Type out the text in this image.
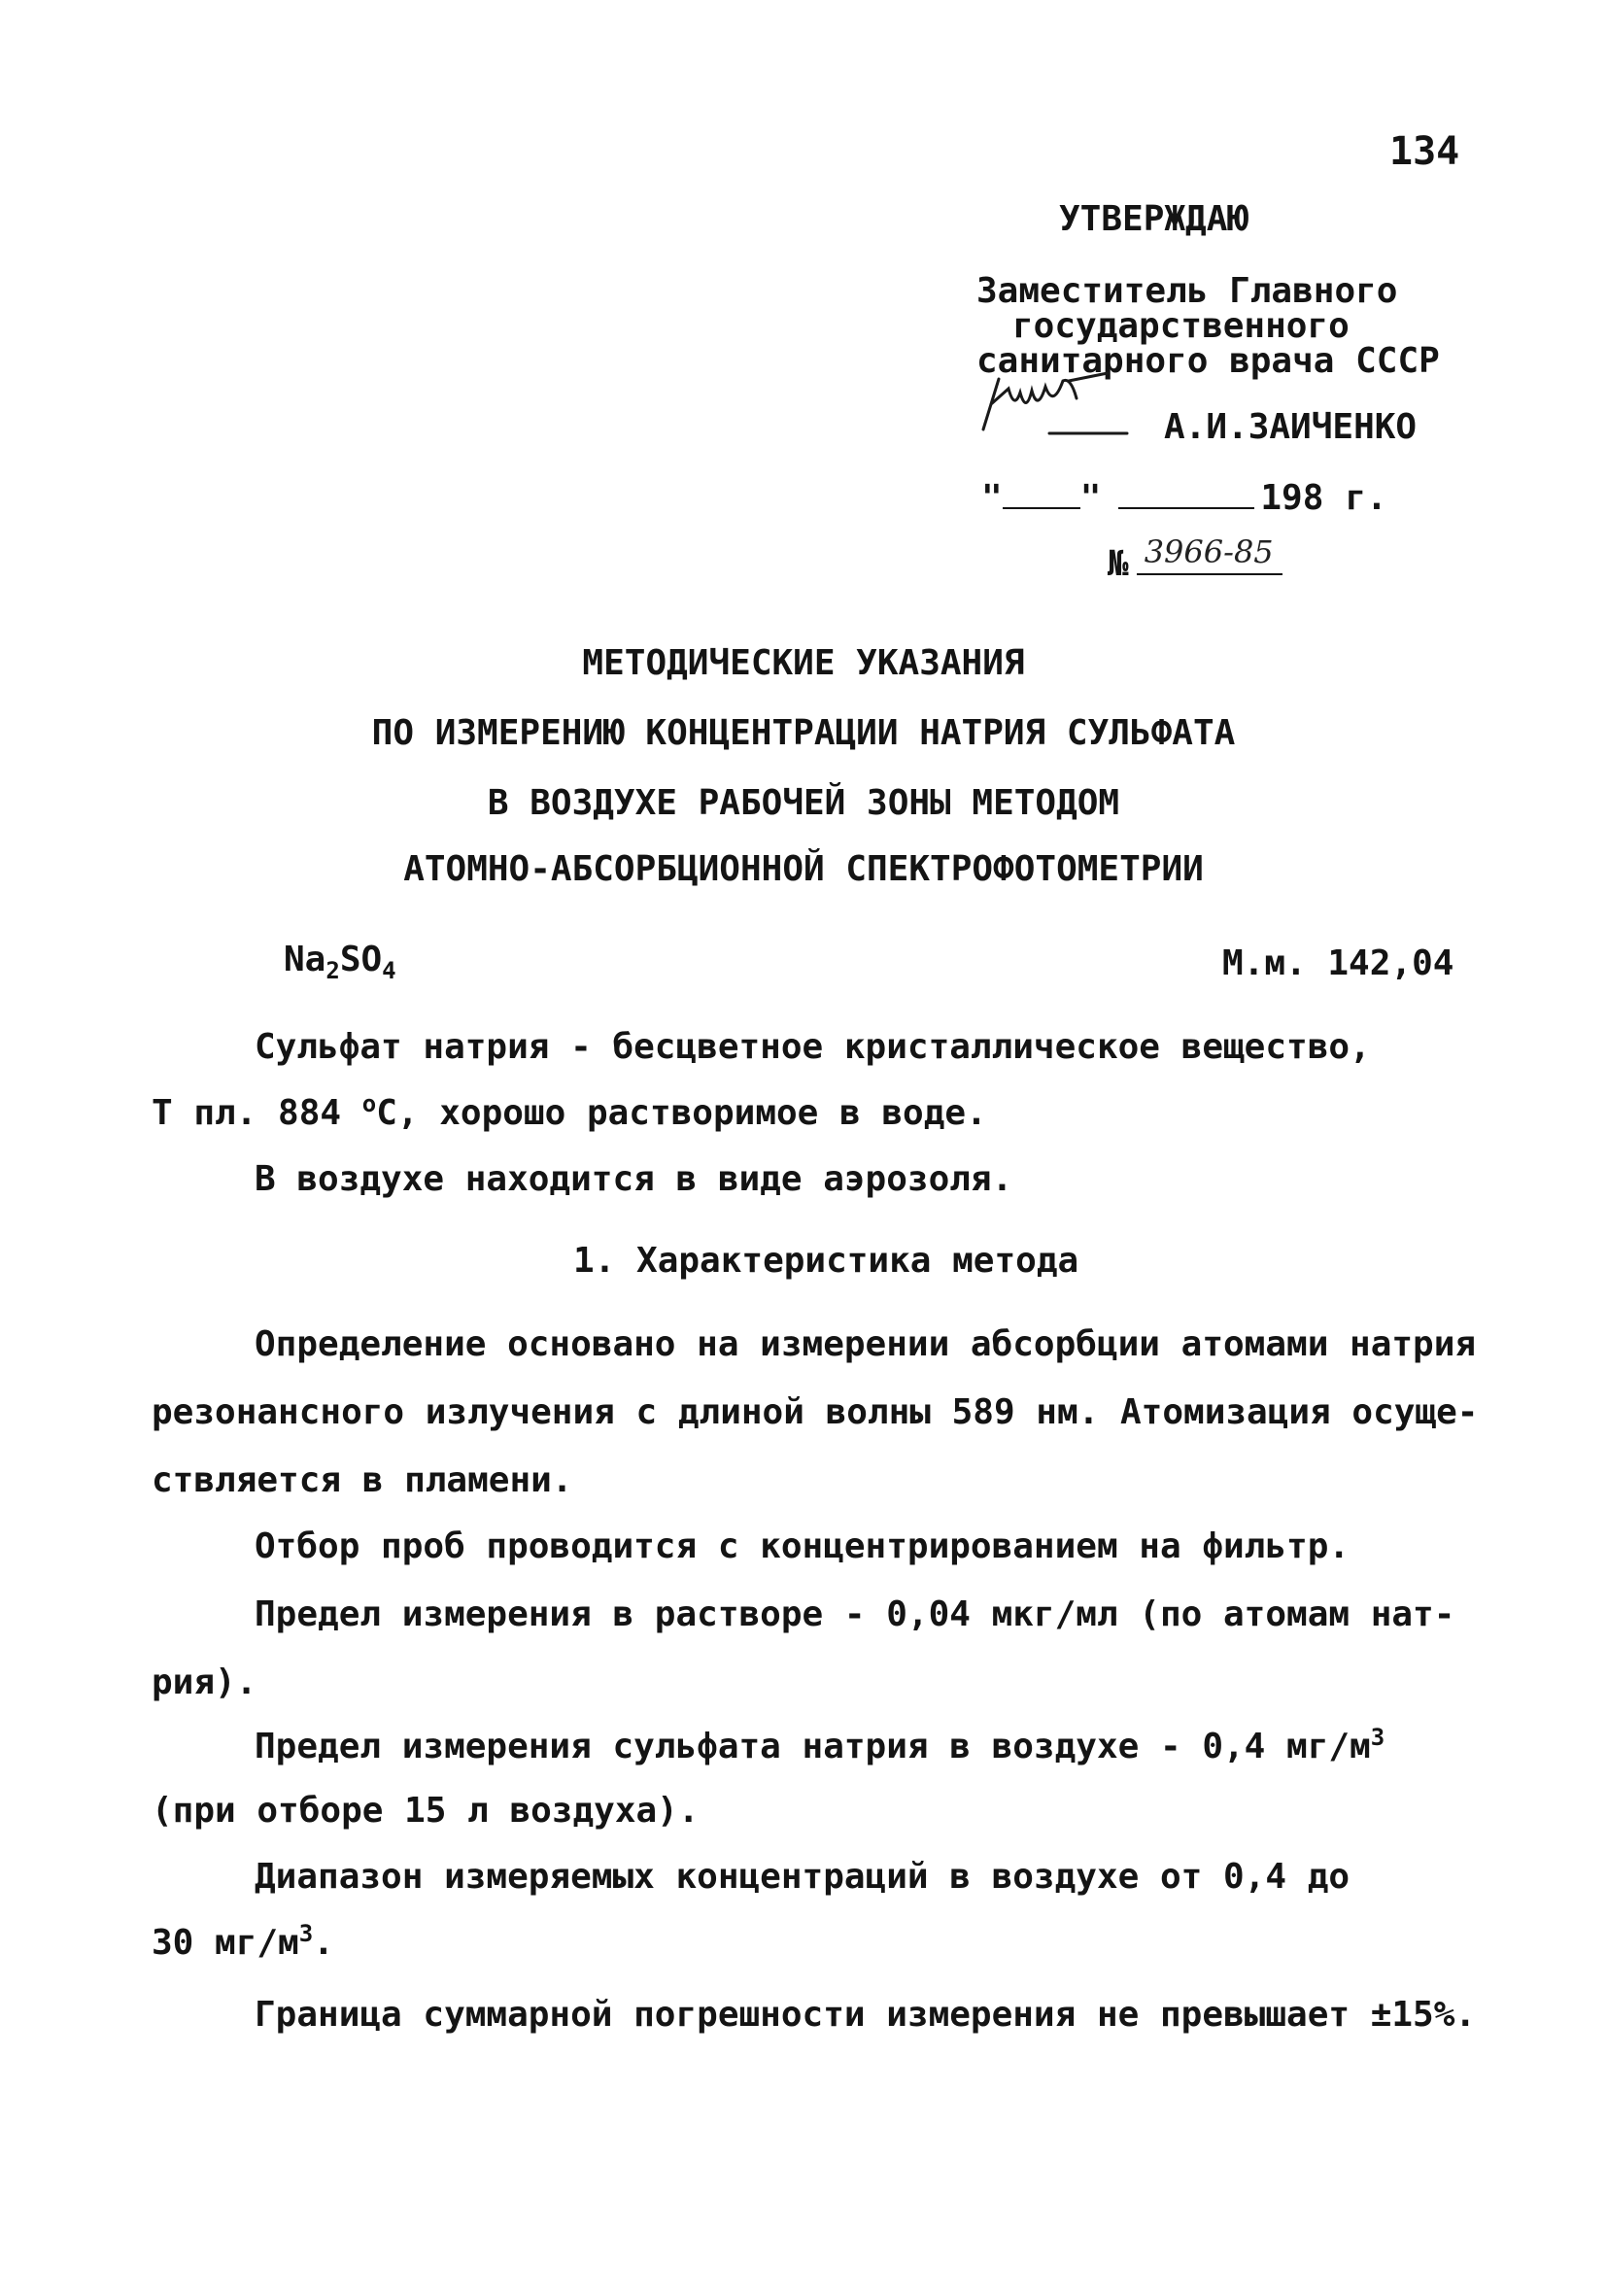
134
УТВЕРЖДАЮ
Заместитель Главного
государственного
санитарного врача СССР
А.И.ЗАИЧЕНКО
" "	198 г.
№ 3966-85
МЕТОДИЧЕСКИЕ УКАЗАНИЯ
ПО ИЗМЕРЕНИЮ КОНЦЕНТРАЦИИ НАТРИЯ СУЛЬФАТА
В ВОЗДУХЕ РАБОЧЕЙ ЗОНЫ МЕТОДОМ
АТОМНО-АБСОРБЦИОННОЙ СПЕКТРОФОТОМЕТРИИ
$Na_2SO_4$	М.м. 142,04
Сульфат натрия - бесцветное кристаллическое вещество,
Т пл. 884 $^о$С, хорошо растворимое в воде.
В воздухе находится в виде аэрозоля.
1. Характеристика метода
Определение основано на измерении абсорбции атомами натрия
резонансного излучения с длиной волны 589 нм. Атомизация осуще-
ствляется в пламени.
Отбор проб проводится с концентрированием на фильтр.
Предел измерения в растворе - 0,04 мкг/мл (по атомам нат-
рия).
Предел измерения сульфата натрия в воздухе - 0,4 $мг/м^3$
(при отборе 15 л воздуха).
Диапазон измеряемых концентраций в воздухе от 0,4 до
30 $мг/м^3$.
Граница суммарной погрешности измерения не превышает ±15%.
